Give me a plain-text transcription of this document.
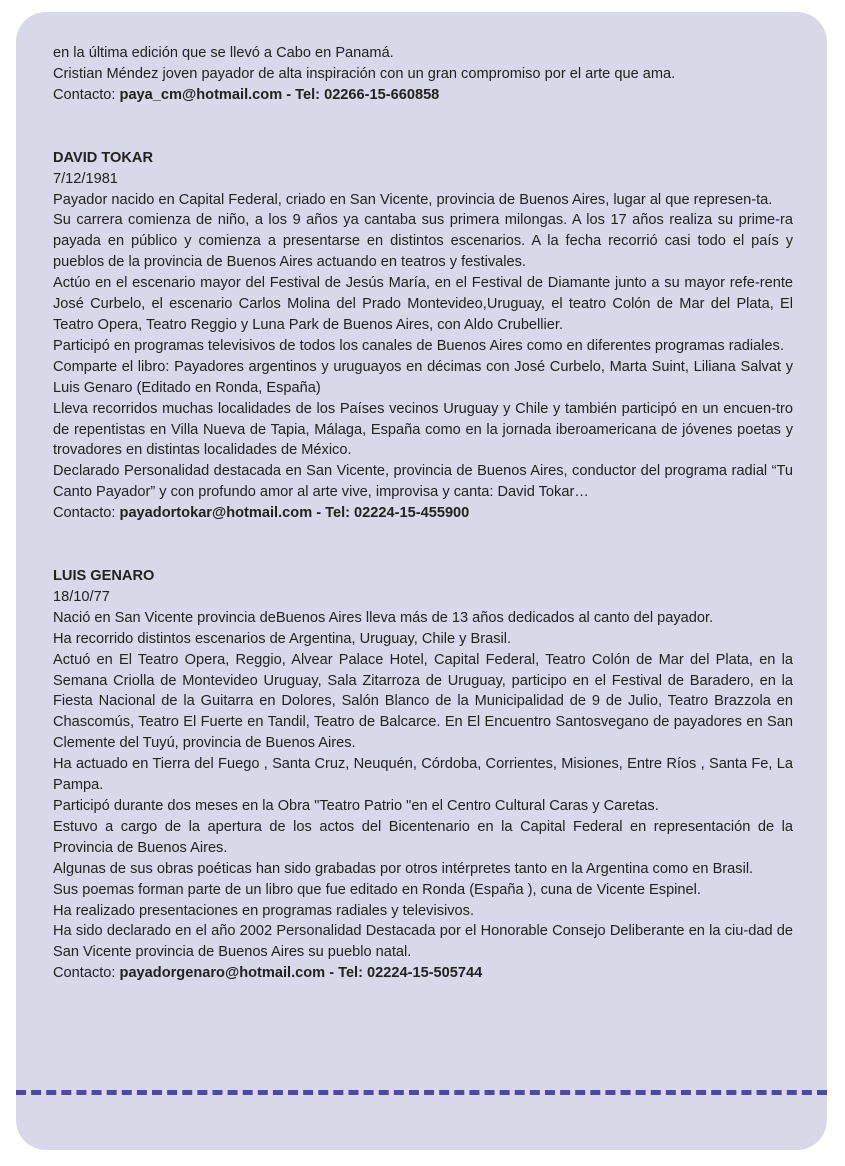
en la última edición que se llevó a Cabo en Panamá.

Cristian Méndez joven payador de alta inspiración con un gran compromiso por el arte que ama.

Contacto: paya_cm@hotmail.com - Tel: 02266-15-660858

DAVID TOKAR

7/12/1981

Payador nacido en Capital Federal, criado en San Vicente, provincia de Buenos Aires, lugar al que represen-ta.

Su carrera comienza de niño, a los 9 años ya cantaba sus primera milongas. A los 17 años realiza su prime-ra payada en público y comienza a presentarse en distintos escenarios. A la fecha recorrió casi todo el país y pueblos de la provincia de Buenos Aires actuando en teatros y festivales.

Actúo en el escenario mayor del Festival de Jesús María, en el Festival de Diamante junto a su mayor refe-rente José Curbelo, el escenario Carlos Molina del Prado Montevideo,Uruguay, el teatro Colón de Mar del Plata, El Teatro Opera, Teatro Reggio y Luna Park de Buenos Aires, con Aldo Crubellier.

Participó en programas televisivos de todos los canales de Buenos Aires como en diferentes programas radiales.

Comparte el libro: Payadores argentinos y uruguayos en décimas con José Curbelo, Marta Suint, Liliana Salvat y Luis Genaro (Editado en Ronda, España)

Lleva recorridos muchas localidades de los Países vecinos Uruguay y Chile y también participó en un encuen-tro de repentistas en Villa Nueva de Tapia, Málaga, España como en la jornada iberoamericana de jóvenes poetas y trovadores en distintas localidades de México.

Declarado Personalidad destacada en San Vicente, provincia de Buenos Aires, conductor del programa radial “Tu Canto Payador” y con profundo amor al arte vive, improvisa y canta: David Tokar…

Contacto: payadortokar@hotmail.com - Tel: 02224-15-455900

LUIS GENARO

18/10/77

Nació en San Vicente provincia deBuenos Aires lleva más de 13 años dedicados al canto del payador.

Ha recorrido distintos escenarios de Argentina, Uruguay, Chile y Brasil.

Actuó en El Teatro Opera, Reggio, Alvear Palace Hotel, Capital Federal, Teatro Colón de Mar del Plata, en la Semana Criolla de Montevideo Uruguay, Sala Zitarroza de Uruguay, participo en el Festival de Baradero, en la Fiesta Nacional de la Guitarra en Dolores, Salón Blanco de la Municipalidad de 9 de Julio, Teatro Brazzola en Chascomús, Teatro El Fuerte en Tandil, Teatro de Balcarce. En El Encuentro Santosvegano de payadores en San Clemente del Tuyú, provincia de Buenos Aires.

Ha actuado en Tierra del Fuego , Santa Cruz, Neuquén, Córdoba, Corrientes, Misiones, Entre Ríos , Santa Fe, La Pampa.

Participó durante dos meses en la Obra "Teatro Patrio "en el Centro Cultural Caras y Caretas.

Estuvo a cargo de la apertura de los actos del Bicentenario en la Capital Federal en representación de la Provincia de Buenos Aires.

Algunas de sus obras poéticas han sido grabadas por otros intérpretes tanto en la Argentina como en Brasil.

Sus poemas forman parte de un libro que fue editado en Ronda (España ), cuna de Vicente Espinel.

Ha realizado presentaciones en programas radiales y televisivos.

Ha sido declarado en el año 2002 Personalidad Destacada por el Honorable Consejo Deliberante en la ciu-dad de San Vicente provincia de Buenos Aires su pueblo natal.

Contacto: payadorgenaro@hotmail.com - Tel: 02224-15-505744
